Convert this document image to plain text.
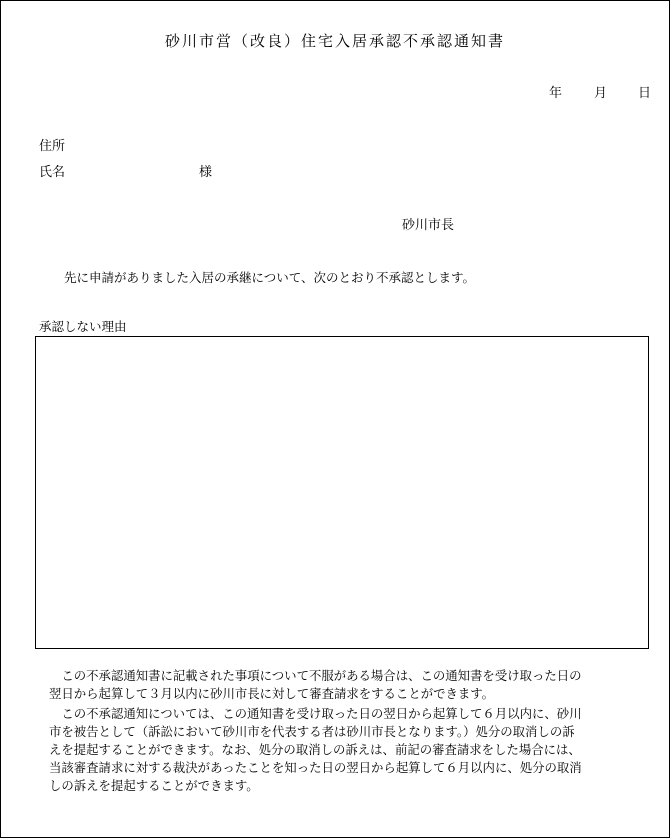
砂川市営（改良）住宅入居承認不承認通知書
年 月 日
住所
氏名	様
砂川市長
先に申請がありました入居の承継について、次のとおり不承認とします。
承認しない理由
　この不承認通知書に記載された事項について不服がある場合は、この通知書を受け取った日の
翌日から起算して３月以内に砂川市長に対して審査請求をすることができます。
　この不承認通知については、この通知書を受け取った日の翌日から起算して６月以内に、砂川
市を被告として（訴訟において砂川市を代表する者は砂川市長となります。）処分の取消しの訴
えを提起することができます。なお、処分の取消しの訴えは、前記の審査請求をした場合には、
当該審査請求に対する裁決があったことを知った日の翌日から起算して６月以内に、処分の取消
しの訴えを提起することができます。
